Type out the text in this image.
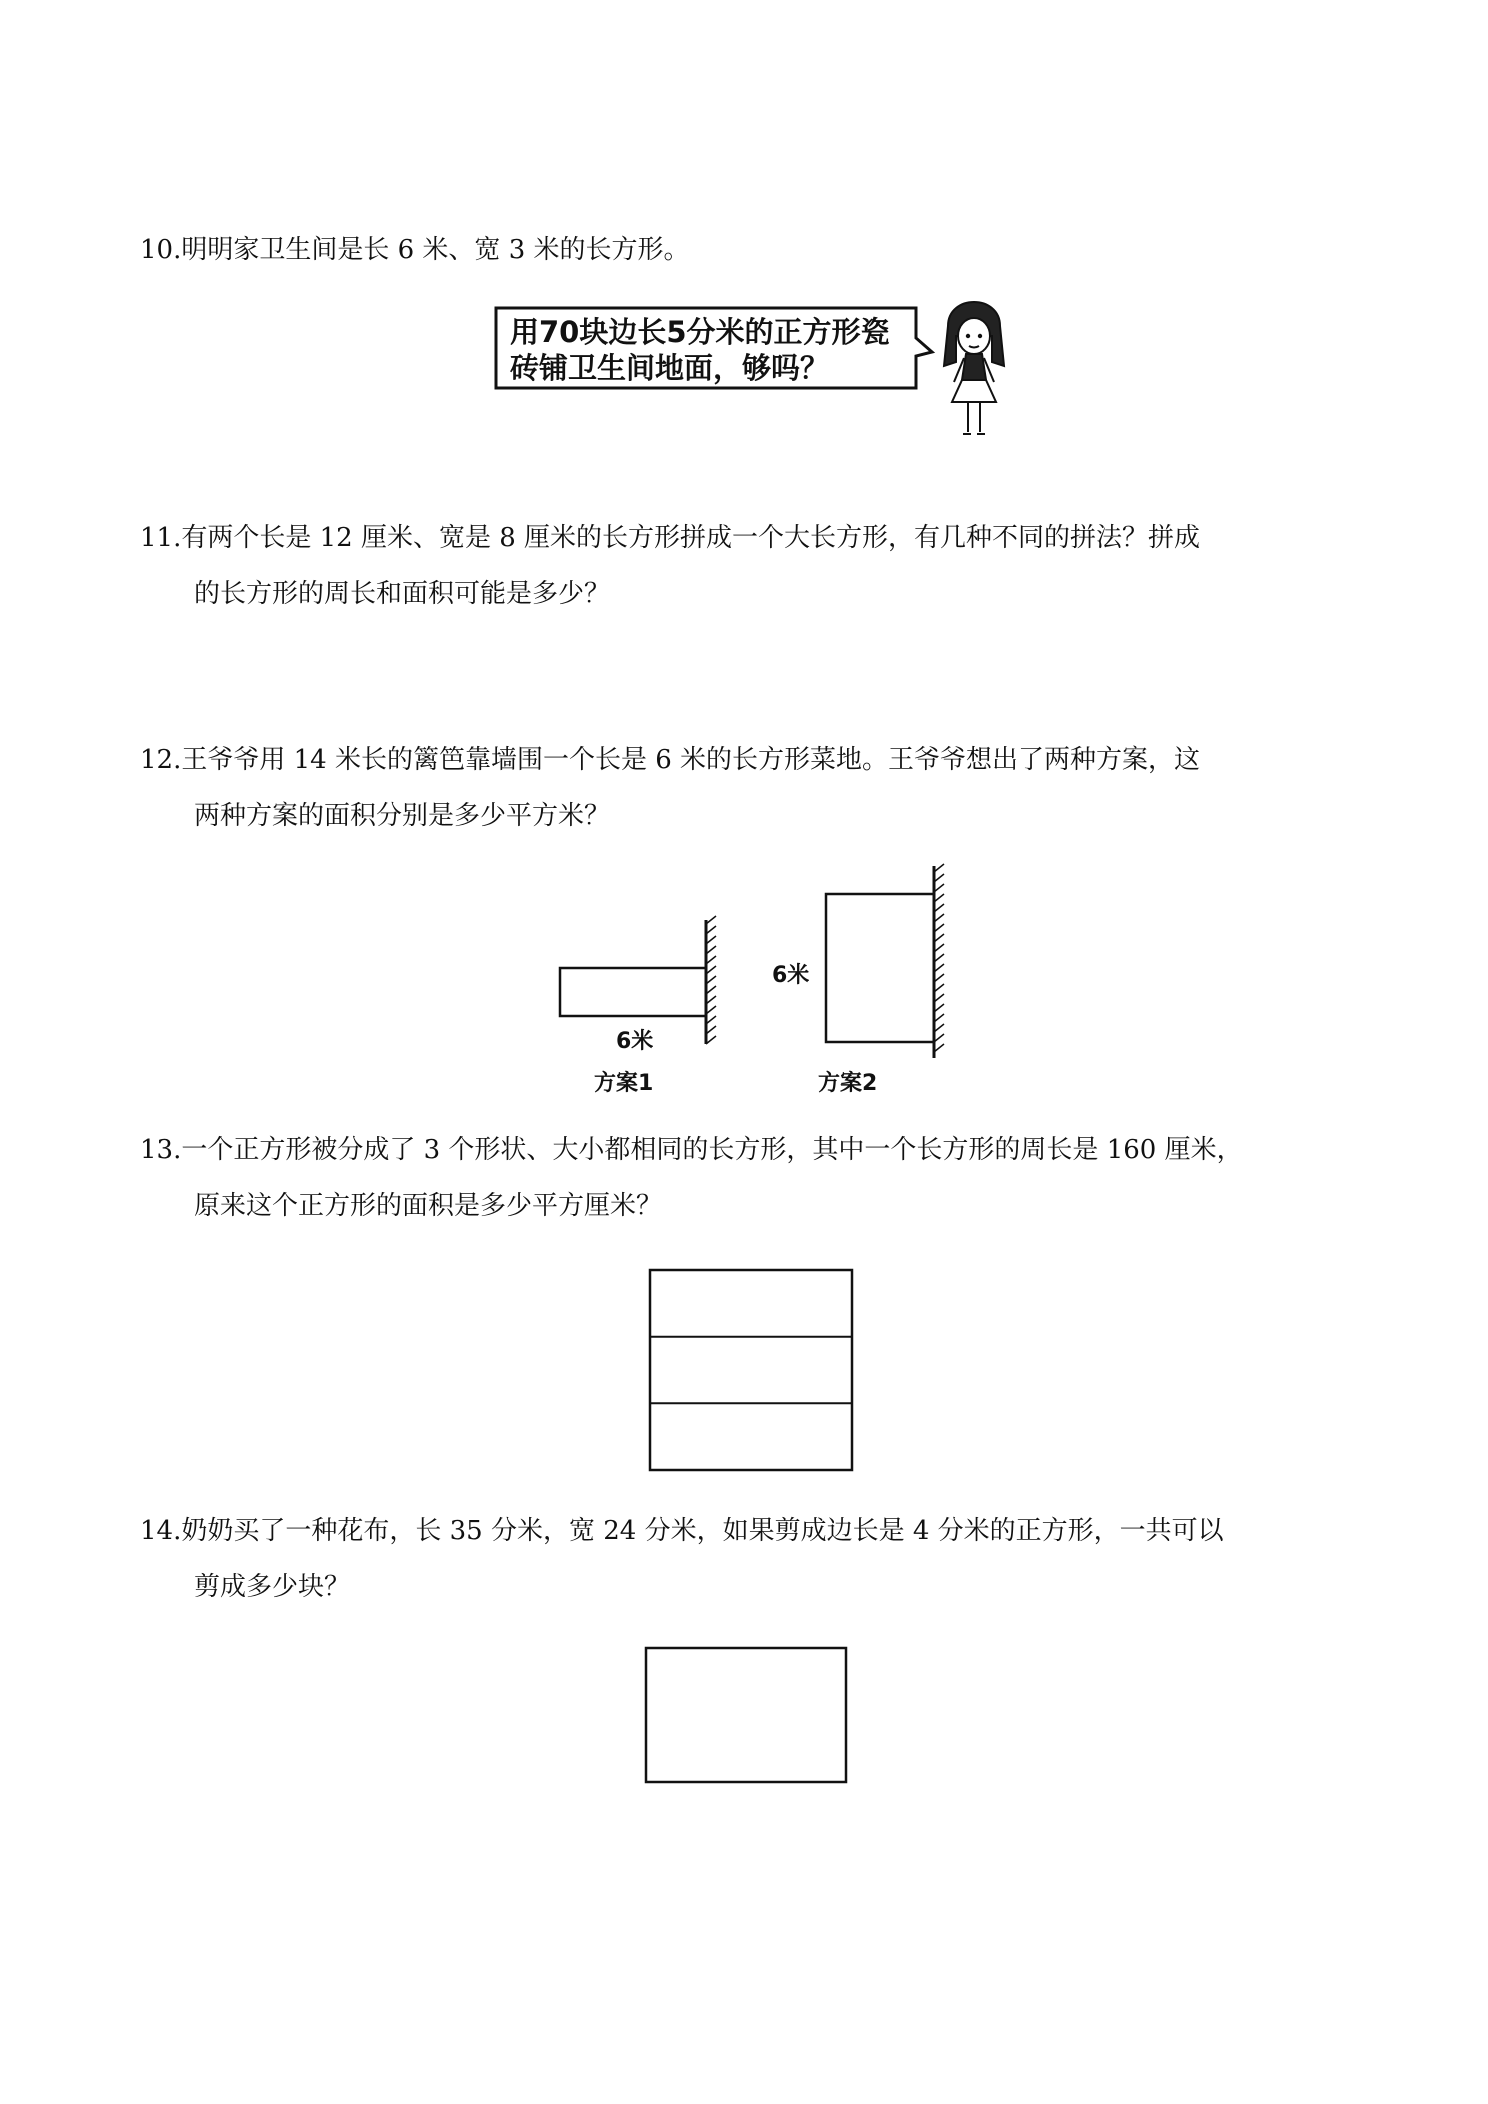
10.明明家卫生间是长 6 米、宽 3 米的长方形。
用70块边长5分米的正方形瓷
砖铺卫生间地面，够吗？
11.有两个长是 12 厘米、宽是 8 厘米的长方形拼成一个大长方形，有几种不同的拼法？拼成
的长方形的周长和面积可能是多少？
12.王爷爷用 14 米长的篱笆靠墙围一个长是 6 米的长方形菜地。王爷爷想出了两种方案，这
两种方案的面积分别是多少平方米？
6米
方案1
6米
方案2
13.一个正方形被分成了 3 个形状、大小都相同的长方形，其中一个长方形的周长是 160 厘米，
原来这个正方形的面积是多少平方厘米？
14.奶奶买了一种花布，长 35 分米，宽 24 分米，如果剪成边长是 4 分米的正方形，一共可以
剪成多少块？
